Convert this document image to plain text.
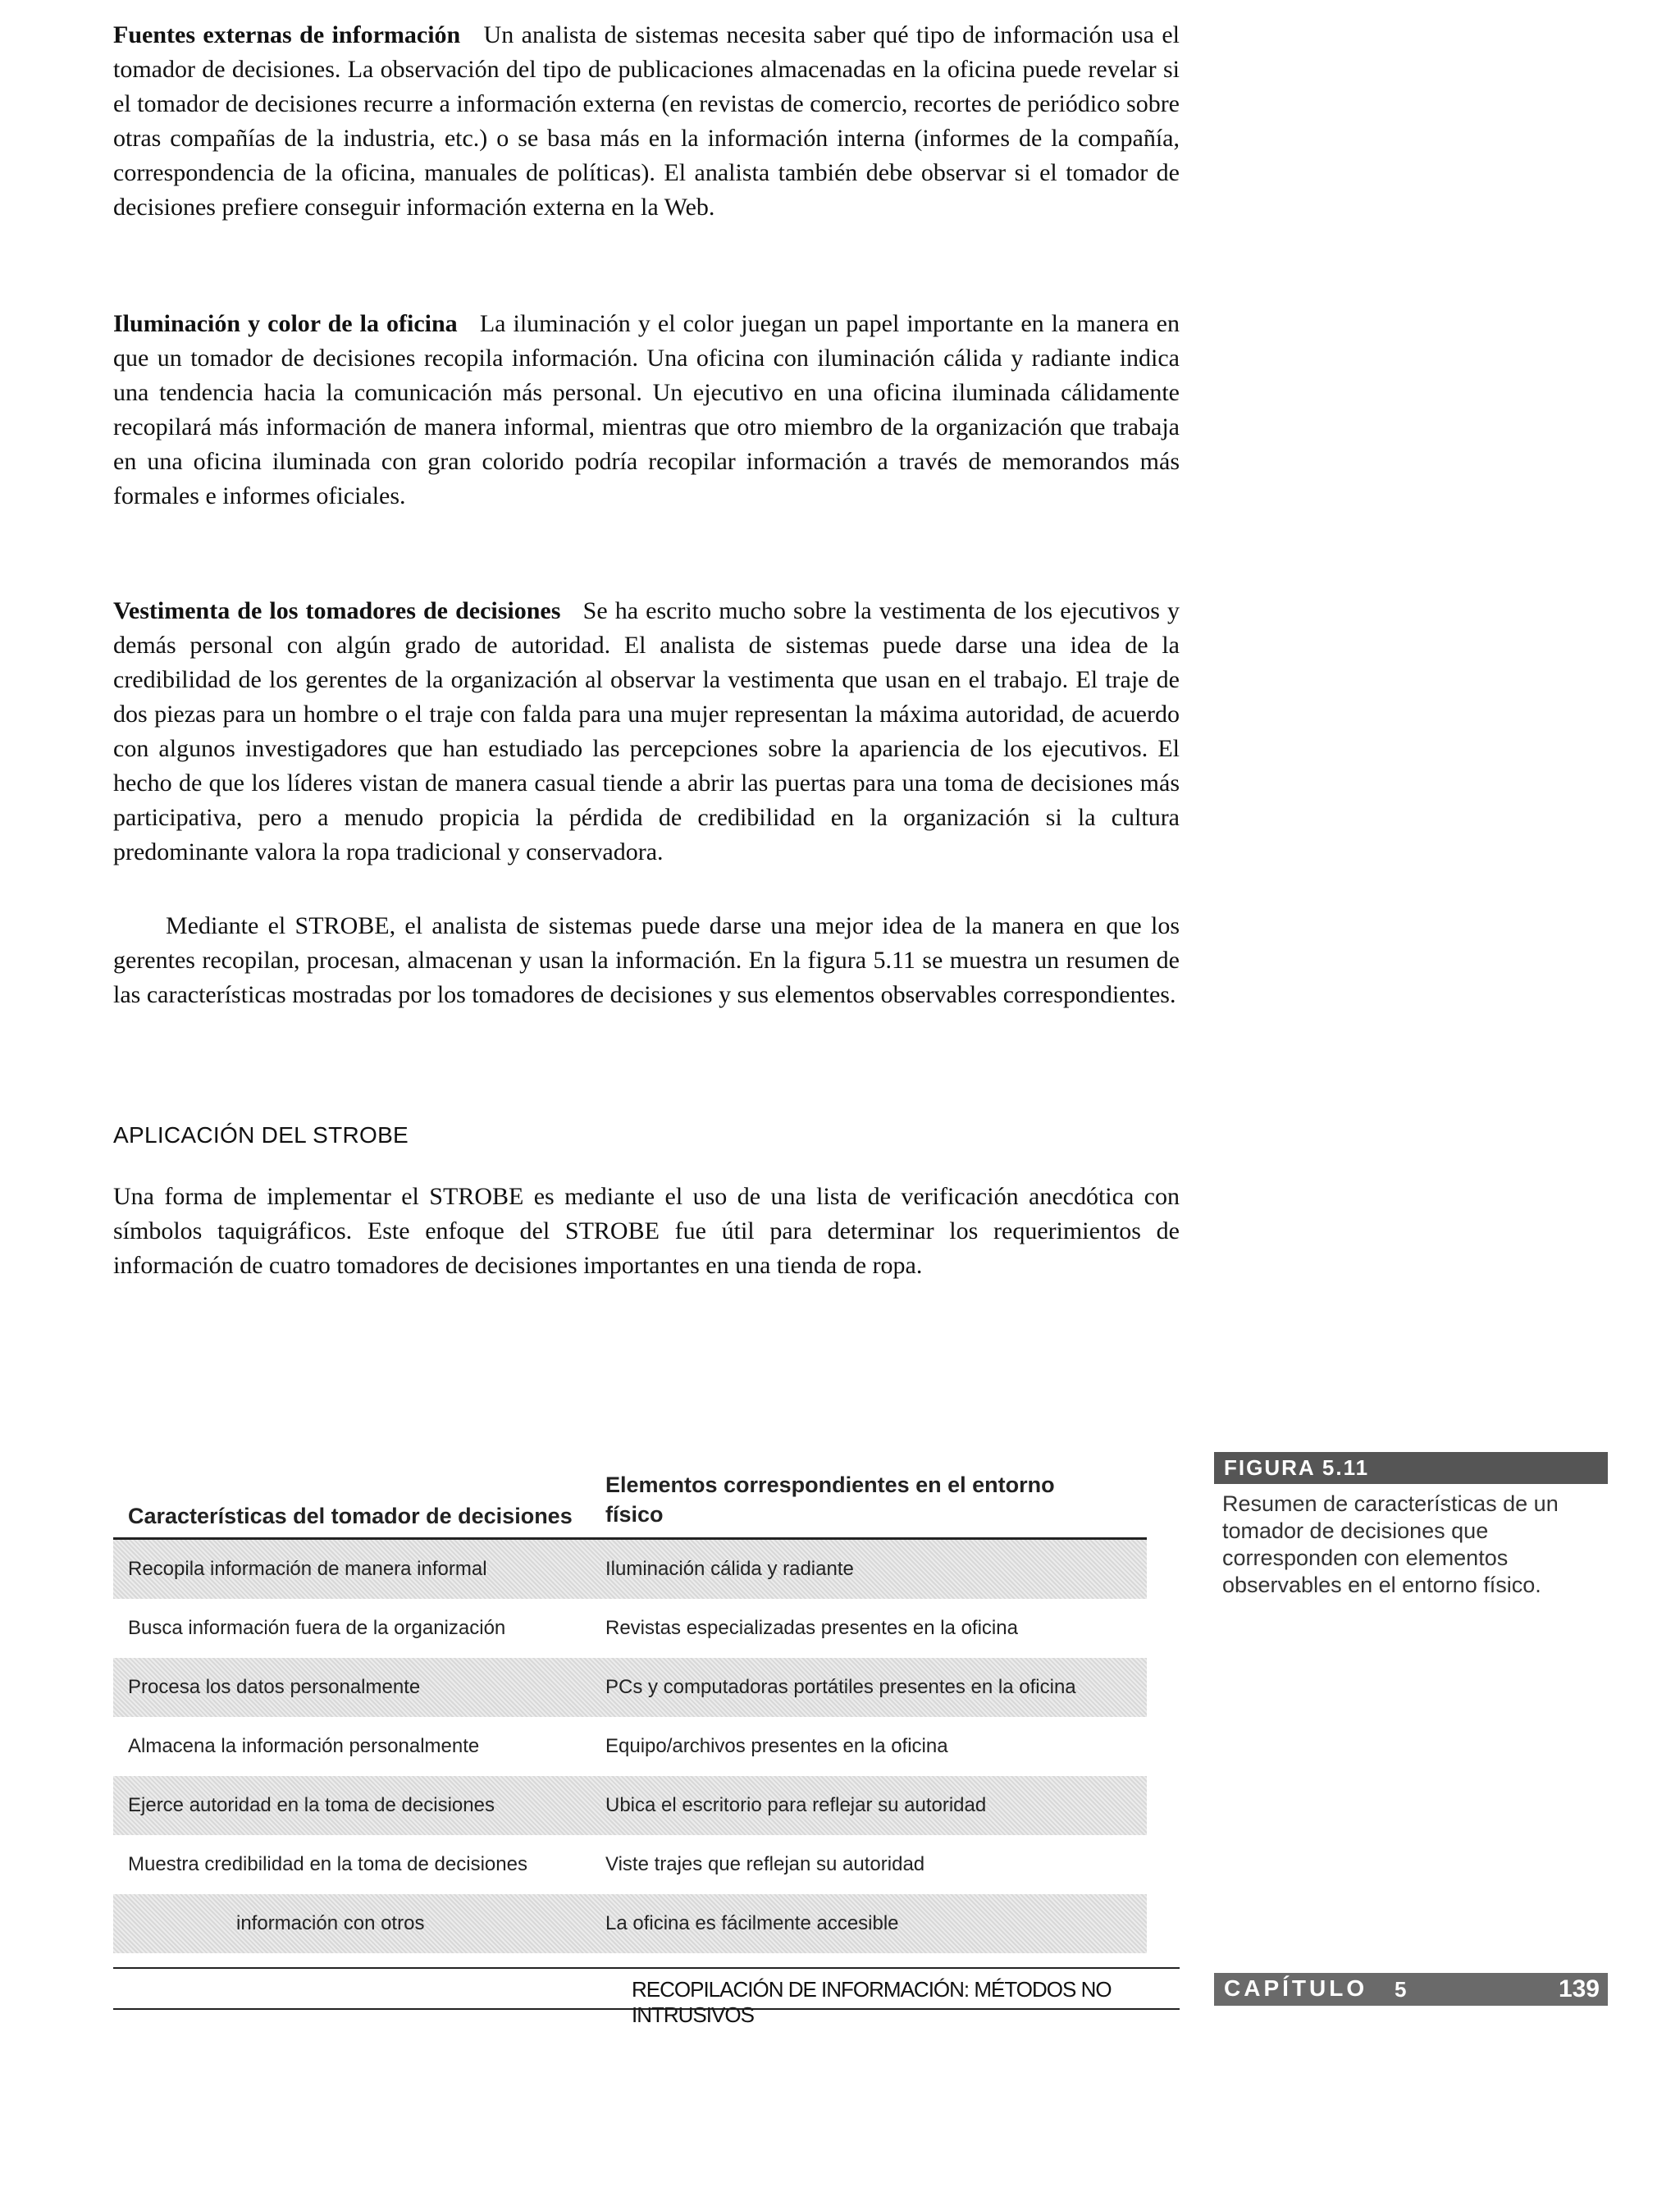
Fuentes externas de información Un analista de sistemas necesita saber qué tipo de información usa el tomador de decisiones. La observación del tipo de publicaciones almacenadas en la oficina puede revelar si el tomador de decisiones recurre a información externa (en revistas de comercio, recortes de periódico sobre otras compañías de la industria, etc.) o se basa más en la información interna (informes de la compañía, correspondencia de la oficina, manuales de políticas). El analista también debe observar si el tomador de decisiones prefiere conseguir información externa en la Web.

Iluminación y color de la oficina La iluminación y el color juegan un papel importante en la manera en que un tomador de decisiones recopila información. Una oficina con iluminación cálida y radiante indica una tendencia hacia la comunicación más personal. Un ejecutivo en una oficina iluminada cálidamente recopilará más información de manera informal, mientras que otro miembro de la organización que trabaja en una oficina iluminada con gran colorido podría recopilar información a través de memorandos más formales e informes oficiales.

Vestimenta de los tomadores de decisiones Se ha escrito mucho sobre la vestimenta de los ejecutivos y demás personal con algún grado de autoridad. El analista de sistemas puede darse una idea de la credibilidad de los gerentes de la organización al observar la vestimenta que usan en el trabajo. El traje de dos piezas para un hombre o el traje con falda para una mujer representan la máxima autoridad, de acuerdo con algunos investigadores que han estudiado las percepciones sobre la apariencia de los ejecutivos. El hecho de que los líderes vistan de manera casual tiende a abrir las puertas para una toma de decisiones más participativa, pero a menudo propicia la pérdida de credibilidad en la organización si la cultura predominante valora la ropa tradicional y conservadora.

Mediante el STROBE, el analista de sistemas puede darse una mejor idea de la manera en que los gerentes recopilan, procesan, almacenan y usan la información. En la figura 5.11 se muestra un resumen de las características mostradas por los tomadores de decisiones y sus elementos observables correspondientes.

APLICACIÓN DEL STROBE

Una forma de implementar el STROBE es mediante el uso de una lista de verificación anecdótica con símbolos taquigráficos. Este enfoque del STROBE fue útil para determinar los requerimientos de información de cuatro tomadores de decisiones importantes en una tienda de ropa.

Características del tomador de decisiones
Elementos correspondientes en el entorno físico
Recopila información de manera informal	Iluminación cálida y radiante
Busca información fuera de la organización	Revistas especializadas presentes en la oficina
Procesa los datos personalmente	PCs y computadoras portátiles presentes en la oficina
Almacena la información personalmente	Equipo/archivos presentes en la oficina
Ejerce autoridad en la toma de decisiones	Ubica el escritorio para reflejar su autoridad
Muestra credibilidad en la toma de decisiones	Viste trajes que reflejan su autoridad
información con otros	La oficina es fácilmente accesible
FIGURA 5.11
Resumen de características de un tomador de decisiones que corresponden con elementos observables en el entorno físico.
RECOPILACIÓN DE INFORMACIÓN: MÉTODOS NO INTRUSIVOS
CAPÍTULO 5	139
